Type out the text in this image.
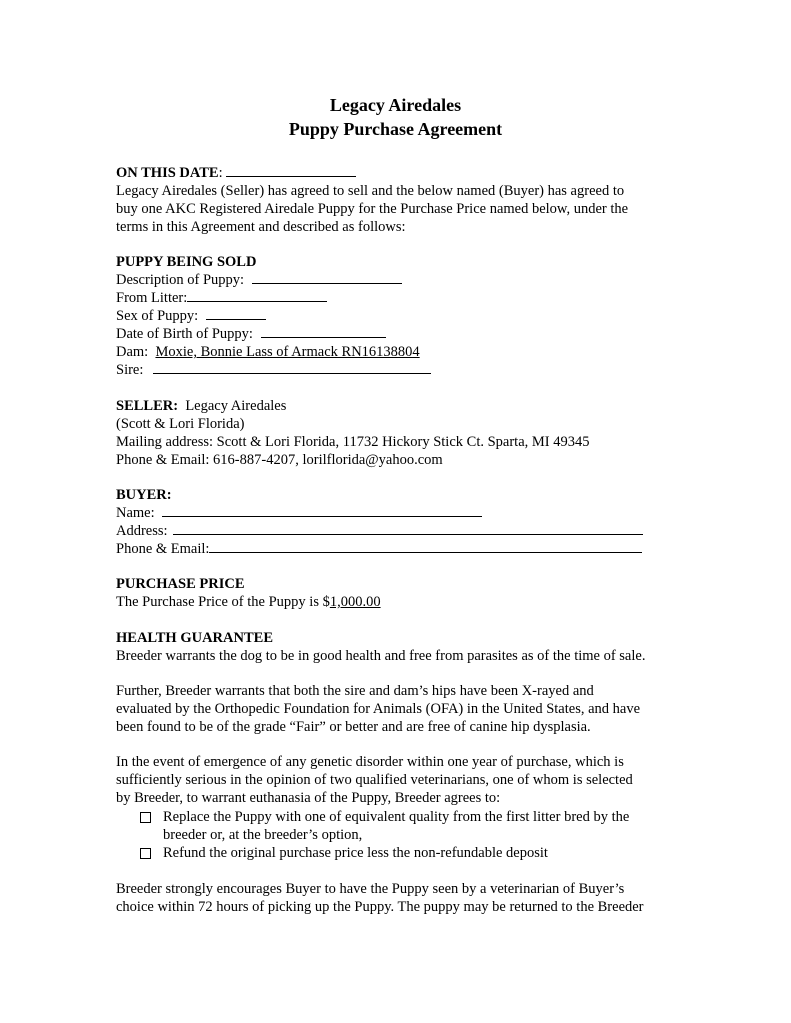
Legacy Airedales
Puppy Purchase Agreement
ON THIS DATE:
Legacy Airedales (Seller) has agreed to sell and the below named (Buyer) has agreed to
buy one AKC Registered Airedale Puppy for the Purchase Price named below, under the
terms in this Agreement and described as follows:
PUPPY BEING SOLD
Description of Puppy:
From Litter:
Sex of Puppy:
Date of Birth of Puppy:
Dam: Moxie, Bonnie Lass of Armack RN16138804
Sire:
SELLER: Legacy Airedales
(Scott & Lori Florida)
Mailing address: Scott & Lori Florida, 11732 Hickory Stick Ct. Sparta, MI 49345
Phone & Email: 616-887-4207, lorilflorida@yahoo.com
BUYER:
Name:
Address:
Phone & Email:
PURCHASE PRICE
The Purchase Price of the Puppy is $1,000.00
HEALTH GUARANTEE
Breeder warrants the dog to be in good health and free from parasites as of the time of sale.
Further, Breeder warrants that both the sire and dam’s hips have been X-rayed and
evaluated by the Orthopedic Foundation for Animals (OFA) in the United States, and have
been found to be of the grade “Fair” or better and are free of canine hip dysplasia.
In the event of emergence of any genetic disorder within one year of purchase, which is
sufficiently serious in the opinion of two qualified veterinarians, one of whom is selected
by Breeder, to warrant euthanasia of the Puppy, Breeder agrees to:
Replace the Puppy with one of equivalent quality from the first litter bred by the
breeder or, at the breeder’s option,
Refund the original purchase price less the non-refundable deposit
Breeder strongly encourages Buyer to have the Puppy seen by a veterinarian of Buyer’s
choice within 72 hours of picking up the Puppy. The puppy may be returned to the Breeder
